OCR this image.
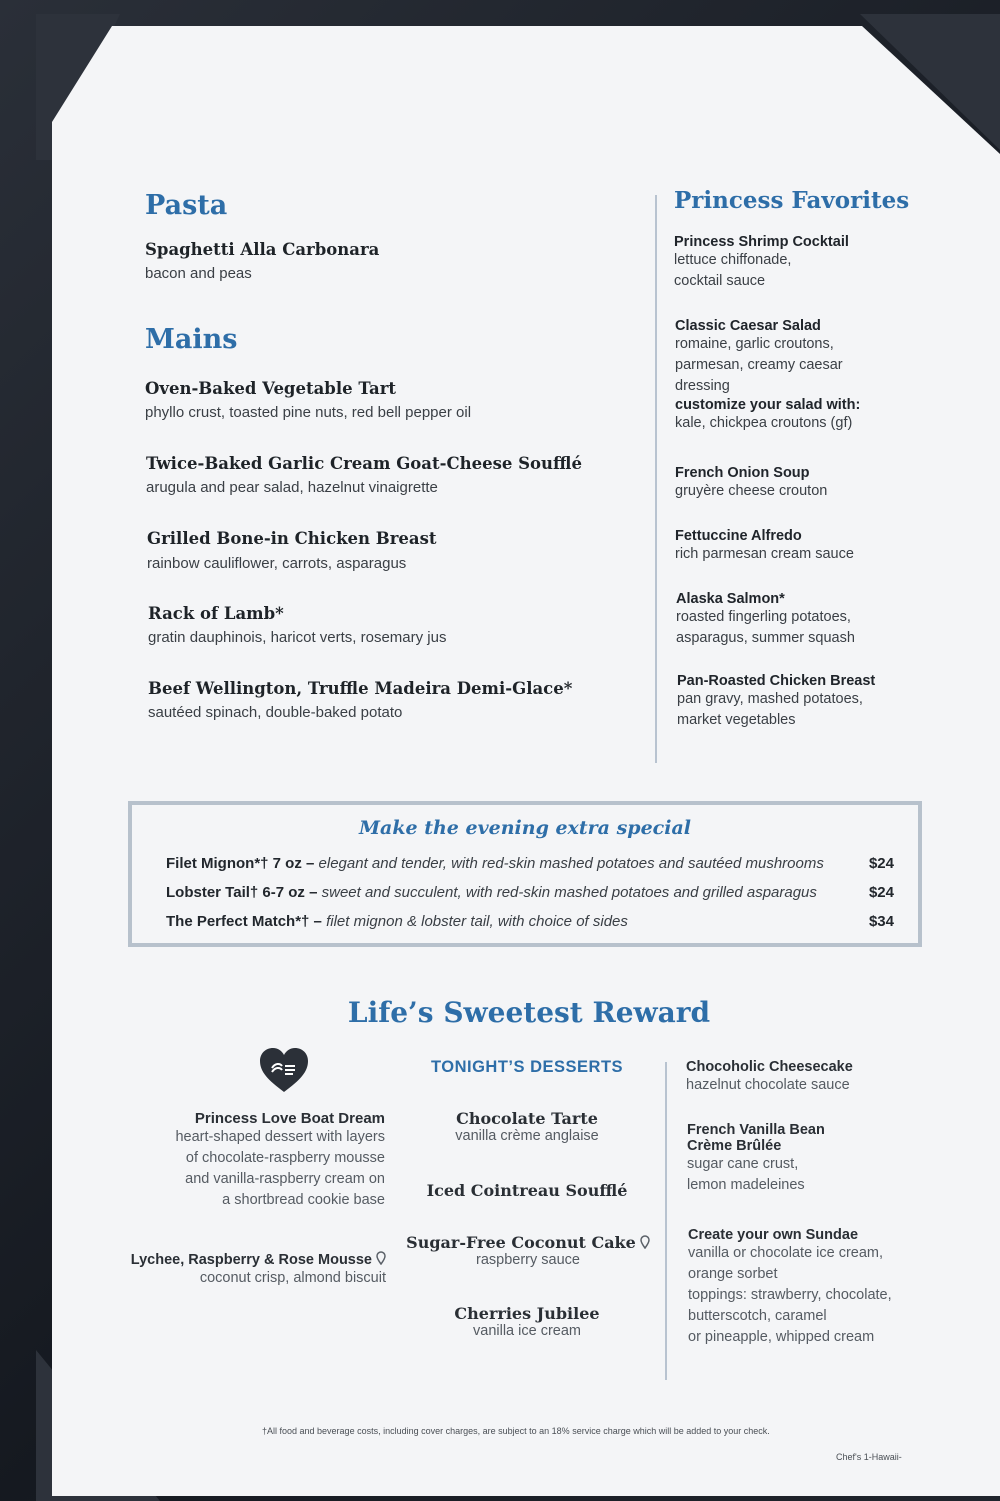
Pasta
Spaghetti Alla Carbonara
bacon and peas
Mains
Oven-Baked Vegetable Tart
phyllo crust, toasted pine nuts, red bell pepper oil
Twice-Baked Garlic Cream Goat-Cheese Soufflé
arugula and pear salad, hazelnut vinaigrette
Grilled Bone-in Chicken Breast
rainbow cauliflower, carrots, asparagus
Rack of Lamb*
gratin dauphinois, haricot verts, rosemary jus
Beef Wellington, Truffle Madeira Demi-Glace*
sautéed spinach, double-baked potato
Princess Favorites
Princess Shrimp Cocktail
lettuce chiffonade,
cocktail sauce
Classic Caesar Salad
romaine, garlic croutons,
parmesan, creamy caesar
dressing
customize your salad with:
kale, chickpea croutons (gf)
French Onion Soup
gruyère cheese crouton
Fettuccine Alfredo
rich parmesan cream sauce
Alaska Salmon*
roasted fingerling potatoes,
asparagus, summer squash
Pan-Roasted Chicken Breast
pan gravy, mashed potatoes,
market vegetables
Make the evening extra special
Filet Mignon*† 7 oz – elegant and tender, with red-skin mashed potatoes and sautéed mushrooms	$24
Lobster Tail† 6-7 oz – sweet and succulent, with red-skin mashed potatoes and grilled asparagus	$24
The Perfect Match*† – filet mignon & lobster tail, with choice of sides	$34
Life’s Sweetest Reward
Princess Love Boat Dream
heart-shaped dessert with layers
of chocolate-raspberry mousse
and vanilla-raspberry cream on
a shortbread cookie base
Lychee, Raspberry & Rose Mousse
coconut crisp, almond biscuit
TONIGHT’S DESSERTS
Chocolate Tarte
vanilla crème anglaise
Iced Cointreau Soufflé
Sugar-Free Coconut Cake
raspberry sauce
Cherries Jubilee
vanilla ice cream
Chocoholic Cheesecake
hazelnut chocolate sauce
French Vanilla Bean
Crème Brûlée
sugar cane crust,
lemon madeleines
Create your own Sundae
vanilla or chocolate ice cream,
orange sorbet
toppings: strawberry, chocolate,
butterscotch, caramel
or pineapple, whipped cream
†All food and beverage costs, including cover charges, are subject to an 18% service charge which will be added to your check.
Chef's 1-Hawaii-
